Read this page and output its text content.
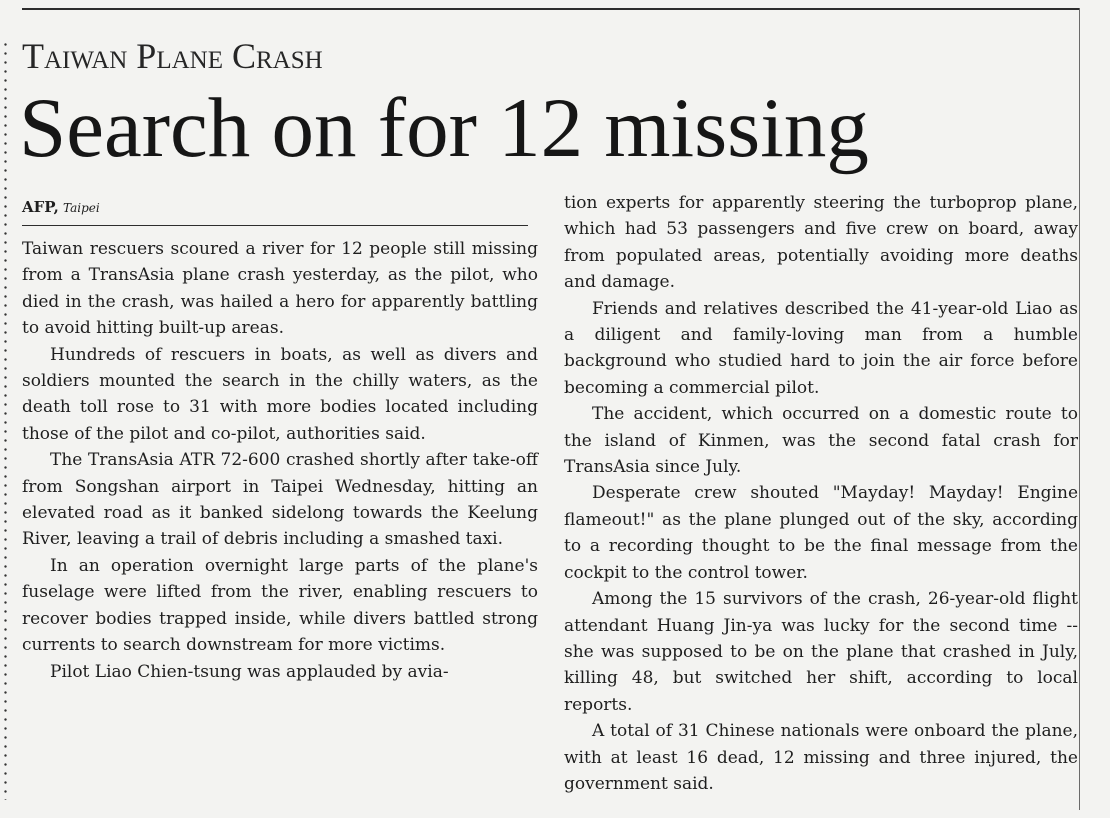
Taiwan Plane Crash
Search on for 12 missing
AFP, Taipei

Taiwan rescuers scoured a river for 12 people still missing from a TransAsia plane crash yesterday, as the pilot, who died in the crash, was hailed a hero for apparently battling to avoid hitting built-up areas.

Hundreds of rescuers in boats, as well as divers and soldiers mounted the search in the chilly waters, as the death toll rose to 31 with more bodies located including those of the pilot and co-pilot, authorities said.

The TransAsia ATR 72-600 crashed shortly after take-off from Songshan airport in Taipei Wednesday, hitting an elevated road as it banked sidelong towards the Keelung River, leaving a trail of debris including a smashed taxi.

In an operation overnight large parts of the plane's fuselage were lifted from the river, enabling rescuers to recover bodies trapped inside, while divers battled strong currents to search downstream for more victims.

Pilot Liao Chien-tsung was applauded by avia-

tion experts for apparently steering the turboprop plane, which had 53 passengers and five crew on board, away from populated areas, potentially avoiding more deaths and damage.

Friends and relatives described the 41-year-old Liao as a diligent and family-loving man from a humble background who studied hard to join the air force before becoming a commercial pilot.

The accident, which occurred on a domestic route to the island of Kinmen, was the second fatal crash for TransAsia since July.

Desperate crew shouted "Mayday! Mayday! Engine flameout!" as the plane plunged out of the sky, according to a recording thought to be the final message from the cockpit to the control tower.

Among the 15 survivors of the crash, 26-year-old flight attendant Huang Jin-ya was lucky for the second time -- she was supposed to be on the plane that crashed in July, killing 48, but switched her shift, according to local reports.

A total of 31 Chinese nationals were onboard the plane, with at least 16 dead, 12 missing and three injured, the government said.
